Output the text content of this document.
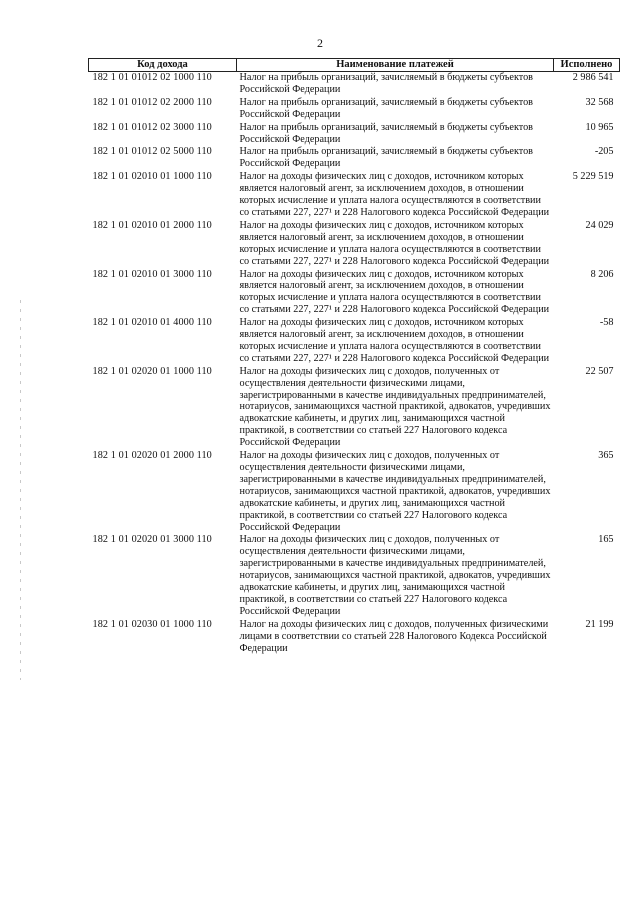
2
Код дохода	Наименование платежей	Исполнено
182 1 01 01012 02 1000 110	Налог на прибыль организаций, зачисляемый в бюджеты субъектов Российской Федерации	2 986 541
182 1 01 01012 02 2000 110	Налог на прибыль организаций, зачисляемый в бюджеты субъектов Российской Федерации	32 568
182 1 01 01012 02 3000 110	Налог на прибыль организаций, зачисляемый в бюджеты субъектов Российской Федерации	10 965
182 1 01 01012 02 5000 110	Налог на прибыль организаций, зачисляемый в бюджеты субъектов Российской Федерации	-205
182 1 01 02010 01 1000 110	Налог на доходы физических лиц с доходов, источником которых является налоговый агент, за исключением доходов, в отношении которых исчисление и уплата налога осуществляются в соответствии со статьями 227, 227¹ и 228 Налогового кодекса Российской Федерации	5 229 519
182 1 01 02010 01 2000 110	Налог на доходы физических лиц с доходов, источником которых является налоговый агент, за исключением доходов, в отношении которых исчисление и уплата налога осуществляются в соответствии со статьями 227, 227¹ и 228 Налогового кодекса Российской Федерации	24 029
182 1 01 02010 01 3000 110	Налог на доходы физических лиц с доходов, источником которых является налоговый агент, за исключением доходов, в отношении которых исчисление и уплата налога осуществляются в соответствии со статьями 227, 227¹ и 228 Налогового кодекса Российской Федерации	8 206
182 1 01 02010 01 4000 110	Налог на доходы физических лиц с доходов, источником которых является налоговый агент, за исключением доходов, в отношении которых исчисление и уплата налога осуществляются в соответствии со статьями 227, 227¹ и 228 Налогового кодекса Российской Федерации	-58
182 1 01 02020 01 1000 110	Налог на доходы физических лиц с доходов, полученных от осуществления деятельности физическими лицами, зарегистрированными в качестве индивидуальных предпринимателей, нотариусов, занимающихся частной практикой, адвокатов, учредивших адвокатские кабинеты, и других лиц, занимающихся частной практикой, в соответствии со статьей 227 Налогового кодекса Российской Федерации	22 507
182 1 01 02020 01 2000 110	Налог на доходы физических лиц с доходов, полученных от осуществления деятельности физическими лицами, зарегистрированными в качестве индивидуальных предпринимателей, нотариусов, занимающихся частной практикой, адвокатов, учредивших адвокатские кабинеты, и других лиц, занимающихся частной практикой, в соответствии со статьей 227 Налогового кодекса Российской Федерации	365
182 1 01 02020 01 3000 110	Налог на доходы физических лиц с доходов, полученных от осуществления деятельности физическими лицами, зарегистрированными в качестве индивидуальных предпринимателей, нотариусов, занимающихся частной практикой, адвокатов, учредивших адвокатские кабинеты, и других лиц, занимающихся частной практикой, в соответствии со статьей 227 Налогового кодекса Российской Федерации	165
182 1 01 02030 01 1000 110	Налог на доходы физических лиц с доходов, полученных физическими лицами в соответствии со статьей 228 Налогового Кодекса Российской Федерации	21 199
